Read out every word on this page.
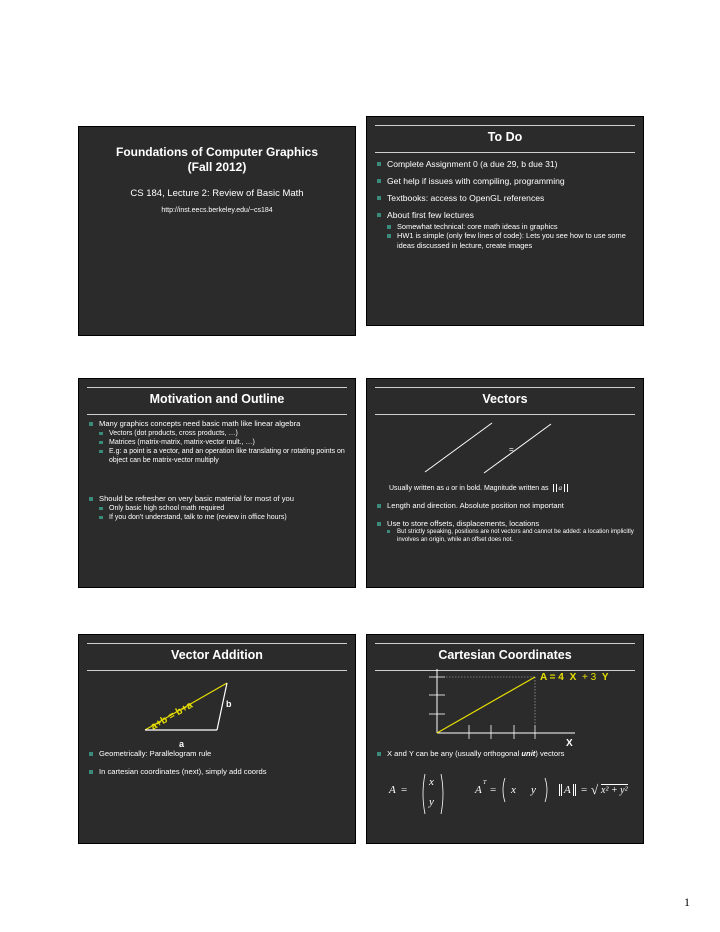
Foundations of Computer Graphics
(Fall 2012)
CS 184, Lecture 2: Review of Basic Math
http://inst.eecs.berkeley.edu/~cs184
To Do
Complete Assignment 0 (a due 29, b due 31)
Get help if issues with compiling, programming
Textbooks: access to OpenGL references
About first few lectures
Somewhat technical: core math ideas in graphics
HW1 is simple (only few lines of code): Lets you see how to use some ideas discussed in lecture, create images
Motivation and Outline
Many graphics concepts need basic math like linear algebra
Vectors (dot products, cross products, …)
Matrices (matrix-matrix, matrix-vector mult., …)
E.g: a point is a vector, and an operation like translating or rotating points on object can be matrix-vector multiply
Should be refresher on very basic material for most of you
Only basic high school math required
If you don’t understand, talk to me (review in office hours)
Vectors
=
Usually written as a or in bold. Magnitude written as a
Length and direction. Absolute position not important
Use to store offsets, displacements, locations
But strictly speaking, positions are not vectors and cannot be added: a location implicitly involves an origin, while an offset does not.
Vector Addition
a+b = b+a
a
b
Geometrically: Parallelogram rule
In cartesian coordinates (next), simply add coords
Cartesian Coordinates
A = 4 X + 3 Y
X
X and Y can be any (usually orthogonal unit) vectors
A =
x
y
A
T
= x y	A = √ x² + y²
1
